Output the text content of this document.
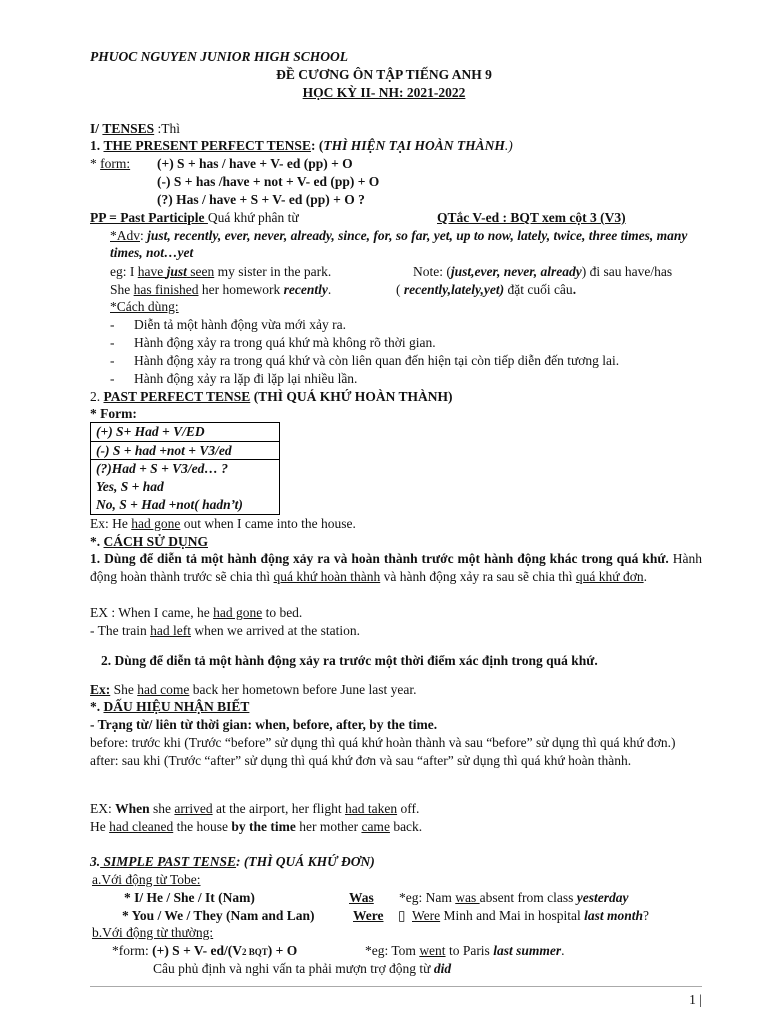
PHUOC NGUYEN JUNIOR HIGH SCHOOL
ĐỀ CƯƠNG ÔN TẬP TIẾNG ANH 9
HỌC KỲ II- NH: 2021-2022
I/ TENSES :Thì
1. THE PRESENT PERFECT TENSE: (THÌ HIỆN TẠI HOÀN THÀNH.)
* form: (+) S + has / have + V- ed (pp) + O
(-) S + has /have + not + V- ed (pp) + O
(?) Has / have + S + V- ed (pp) + O ?
PP = Past Participle Quá khứ phân từ	QTắc V-ed : BQT xem cột 3 (V3)
*Adv: just, recently, ever, never, already, since, for, so far, yet, up to now, lately, twice, three times, many times, not…yet
eg: I have just seen my sister in the park.	Note: (just,ever, never, already) đi sau have/has
She has finished her homework recently.	( recently,lately,yet) đặt cuối câu.
*Cách dùng:
- Diễn tả một hành động vừa mới xảy ra.
- Hành động xảy ra trong quá khứ mà không rõ thời gian.
- Hành động xảy ra trong quá khứ và còn liên quan đến hiện tại còn tiếp diễn đến tương lai.
- Hành động xảy ra lặp đi lặp lại nhiều lần.
2. PAST PERFECT TENSE (THÌ QUÁ KHỨ HOÀN THÀNH)
* Form:
(+) S+ Had + V/ED
(-) S + had +not + V3/ed

(?)Had + S + V3/ed… ?
Yes, S + had
No, S + Had +not( hadn’t)
Ex: He had gone out when I came into the house.
*. CÁCH SỬ DỤNG
1. Dùng để diễn tả một hành động xảy ra và hoàn thành trước một hành động khác trong quá khứ. Hành động hoàn thành trước sẽ chia thì quá khứ hoàn thành và hành động xảy ra sau sẽ chia thì quá khứ đơn.
EX : When I came, he had gone to bed.
- The train had left when we arrived at the station.
2. Dùng để diễn tả một hành động xảy ra trước một thời điểm xác định trong quá khứ.
Ex: She had come back her hometown before June last year.
*. DẤU HIỆU NHẬN BIẾT
- Trạng từ/ liên từ thời gian: when, before, after, by the time.
before: trước khi (Trước “before” sử dụng thì quá khứ hoàn thành và sau “before” sử dụng thì quá khứ đơn.) after: sau khi (Trước “after” sử dụng thì quá khứ đơn và sau “after” sử dụng thì quá khứ hoàn thành.
EX: When she arrived at the airport, her flight had taken off.
He had cleaned the house by the time her mother came back.
3. SIMPLE PAST TENSE: (THÌ QUÁ KHỨ ĐƠN)
a.Với động từ Tobe:
* I/ He / She / It (Nam)	Was *eg: Nam was absent from class yesterday
* You / We / They (Nam and Lan)	Were ▯ Were Minh and Mai in hospital last month?
b.Với động từ thường:
*form: (+) S + V- ed/(V2 BQT) + O	*eg: Tom went to Paris last summer.
Câu phủ định và nghi vấn ta phải mượn trợ động từ did
1 |
